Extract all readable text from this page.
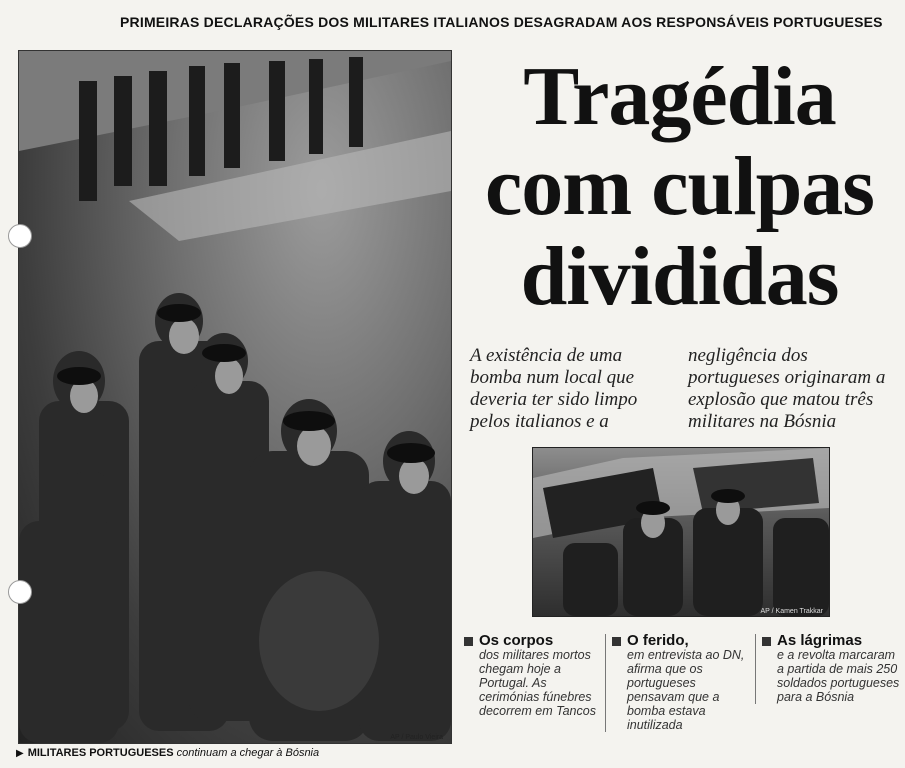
PRIMEIRAS DECLARAÇÕES DOS MILITARES ITALIANOS DESAGRADAM AOS RESPONSÁVEIS PORTUGUESES
AP / Paulo Vieira
Tragédia
com culpas
divididas
A existência de uma bomba num local que deveria ter sido limpo pelos italianos e a
negligência dos portugueses originaram a explosão que matou três militares na Bósnia
AP / Kamen Trakkar
Os corpos
dos militares mortos chegam hoje a Portugal. As cerimónias fúnebres decorrem em Tancos
O ferido,
em entrevista ao DN, afirma que os portugueses pensavam que a bomba estava inutilizada
As lágrimas
e a revolta marcaram a partida de mais 250 soldados portugueses para a Bósnia
▶ MILITARES PORTUGUESES continuam a chegar à Bósnia
